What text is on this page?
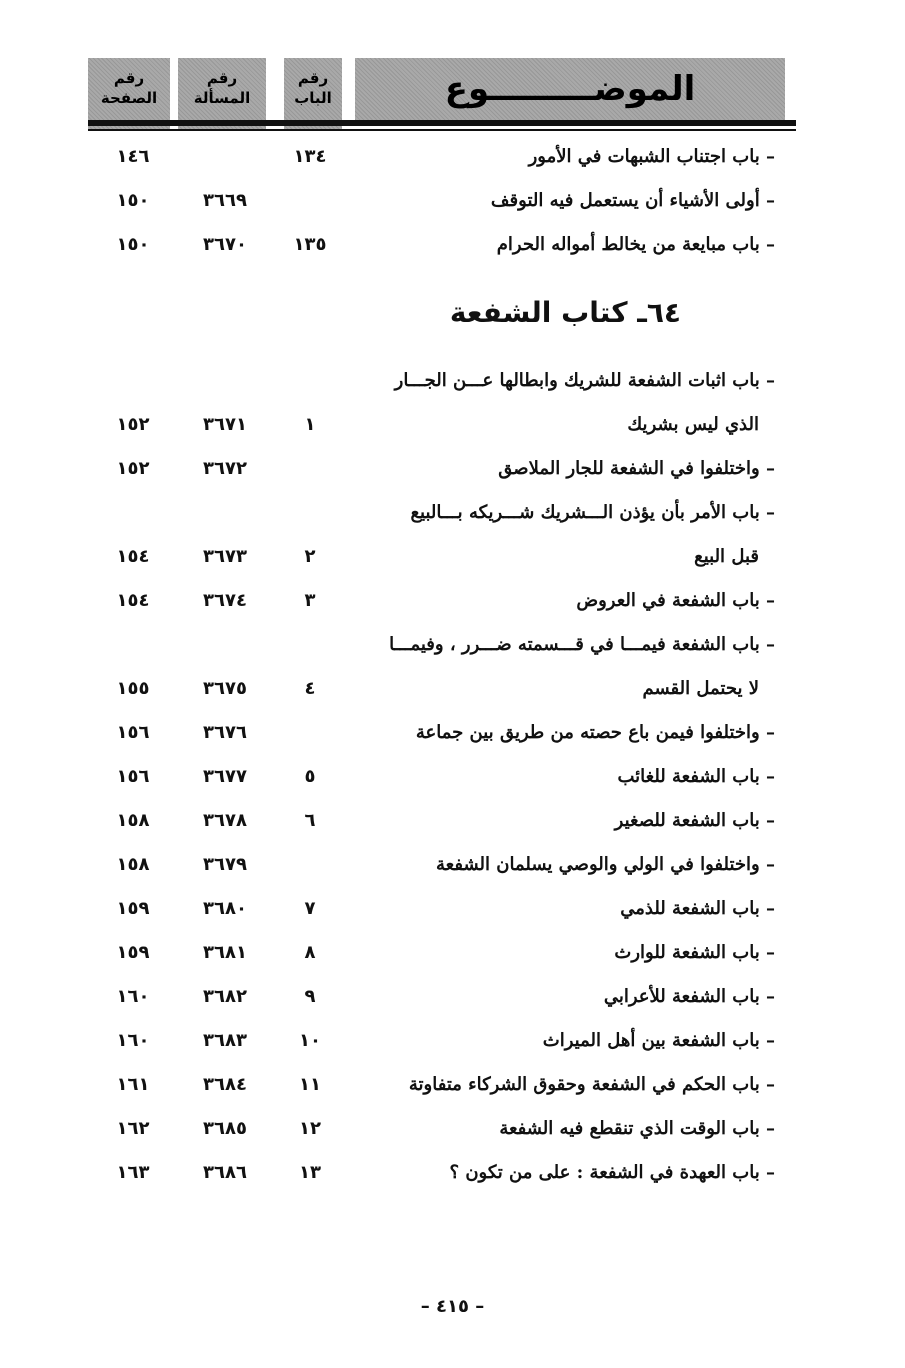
رقم
الصفحة
رقم
المسألة
رقم
الباب	الموضـــــــــوع
– باب اجتناب الشبهات في الأمور
١٣٤
١٤٦
– أولى الأشياء أن يستعمل فيه التوقف
٣٦٦٩
١٥٠
– باب مبايعة من يخالط أمواله الحرام
١٣٥
٣٦٧٠
١٥٠
٦٤ـ كتاب الشفعة
– باب اثبات الشفعة للشريك وابطالها عـــن الجـــار
الذي ليس بشريك
١
٣٦٧١
١٥٢
– واختلفوا في الشفعة للجار الملاصق
٣٦٧٢
١٥٢
– باب الأمر بأن يؤذن الـــشريك شـــريكه بـــالبيع
قبل البيع
٢
٣٦٧٣
١٥٤
– باب الشفعة في العروض
٣
٣٦٧٤
١٥٤
– باب الشفعة فيمـــا في قـــسمته ضـــرر ، وفيمـــا
لا يحتمل القسم
٤
٣٦٧٥
١٥٥
– واختلفوا فيمن باع حصته من طريق بين جماعة
٣٦٧٦
١٥٦
– باب الشفعة للغائب
٥
٣٦٧٧
١٥٦
– باب الشفعة للصغير
٦
٣٦٧٨
١٥٨
– واختلفوا في الولي والوصي يسلمان الشفعة
٣٦٧٩
١٥٨
– باب الشفعة للذمي
٧
٣٦٨٠
١٥٩
– باب الشفعة للوارث
٨
٣٦٨١
١٥٩
– باب الشفعة للأعرابي
٩
٣٦٨٢
١٦٠
– باب الشفعة بين أهل الميراث
١٠
٣٦٨٣
١٦٠
– باب الحكم في الشفعة وحقوق الشركاء متفاوتة
١١
٣٦٨٤
١٦١
– باب الوقت الذي تنقطع فيه الشفعة
١٢
٣٦٨٥
١٦٢
– باب العهدة في الشفعة : على من تكون ؟
١٣
٣٦٨٦
١٦٣
– ٤١٥ –
